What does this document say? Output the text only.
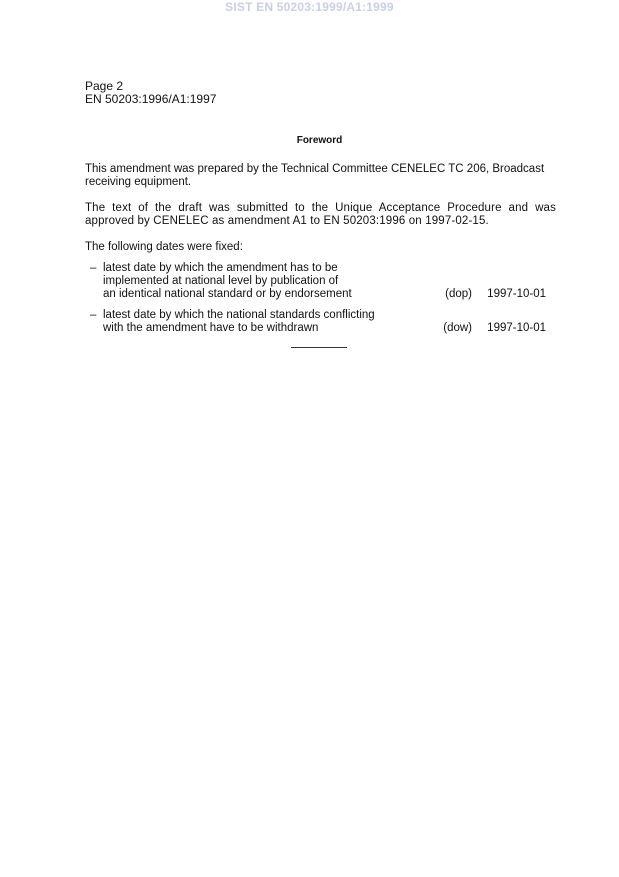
SIST EN 50203:1999/A1:1999
Page 2
EN 50203:1996/A1:1997
Foreword
This amendment was prepared by the Technical Committee CENELEC TC 206, Broadcast receiving equipment.
The text of the draft was submitted to the Unique Acceptance Procedure and was approved by CENELEC as amendment A1 to EN 50203:1996 on 1997-02-15.
The following dates were fixed:
– latest date by which the amendment has to be
implemented at national level by publication of
an identical national standard or by endorsement	(dop) 1997-10-01
– latest date by which the national standards conflicting
with the amendment have to be withdrawn	(dow) 1997-10-01
